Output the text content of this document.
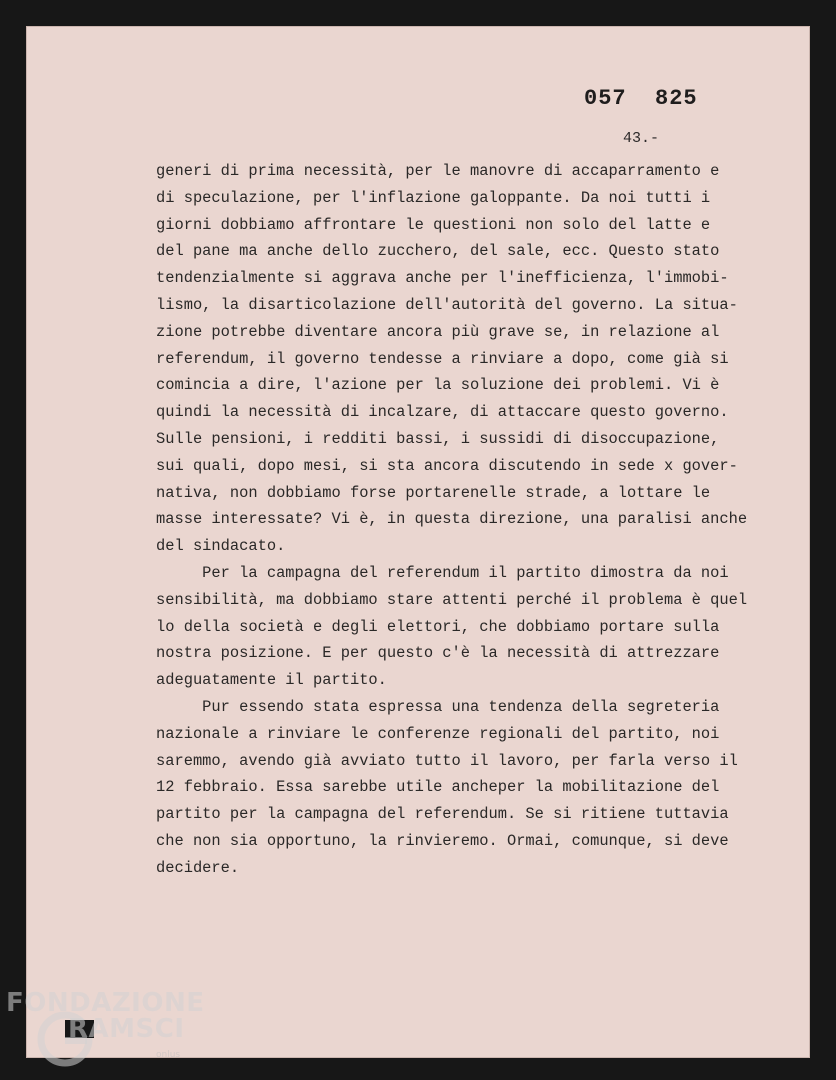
057  825
43.-
generi di prima necessità, per le manovre di accaparramento e
di speculazione, per l'inflazione galoppante. Da noi tutti i
giorni dobbiamo affrontare le questioni non solo del latte e
del pane ma anche dello zucchero, del sale, ecc. Questo stato
tendenzialmente si aggrava anche per l'inefficienza, l'immobi-
lismo, la disarticolazione dell'autorità del governo. La situa-
zione potrebbe diventare ancora più grave se, in relazione al
referendum, il governo tendesse a rinviare a dopo, come già si
comincia a dire, l'azione per la soluzione dei problemi. Vi è
quindi la necessità di incalzare, di attaccare questo governo.
Sulle pensioni, i redditi bassi, i sussidi di disoccupazione,
sui quali, dopo mesi, si sta ancora discutendo in sede x gover-
nativa, non dobbiamo forse portarenelle strade, a lottare le
masse interessate? Vi è, in questa direzione, una paralisi anche
del sindacato.
Per la campagna del referendum il partito dimostra da noi
sensibilità, ma dobbiamo stare attenti perché il problema è quel
lo della società e degli elettori, che dobbiamo portare sulla
nostra posizione. E per questo c'è la necessità di attrezzare
adeguatamente il partito.
Pur essendo stata espressa una tendenza della segreteria
nazionale a rinviare le conferenze regionali del partito, noi
saremmo, avendo già avviato tutto il lavoro, per farla verso il
12 febbraio. Essa sarebbe utile ancheper la mobilitazione del
partito per la campagna del referendum. Se si ritiene tuttavia
che non sia opportuno, la rinvieremo. Ormai, comunque, si deve
decidere.
FONDAZIONE
RAMSCI
onlus
